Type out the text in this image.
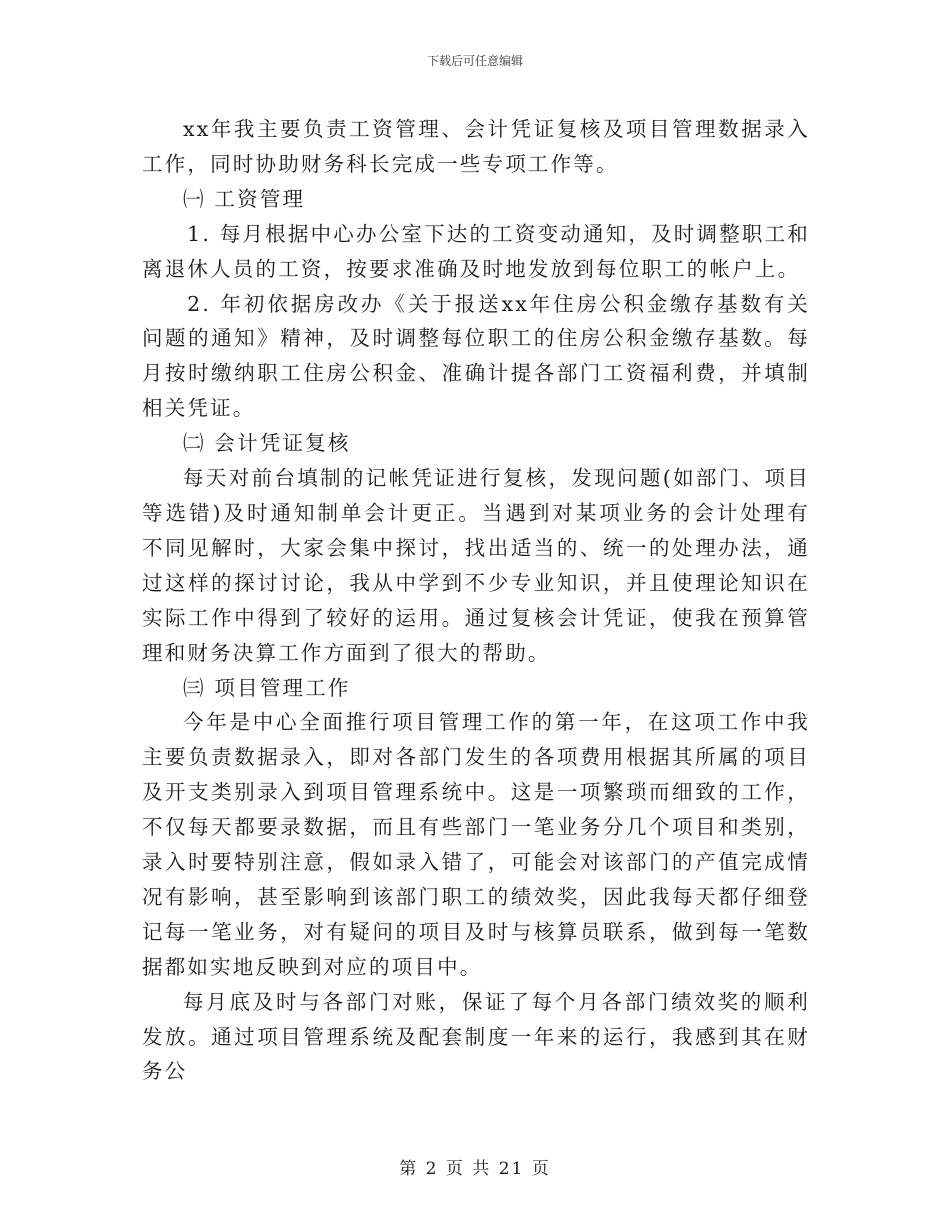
下载后可任意编辑

xx年我主要负责工资管理、会计凭证复核及项目管理数据录入工作，同时协助财务科长完成一些专项工作等。

㈠ 工资管理

1. 每月根据中心办公室下达的工资变动通知，及时调整职工和离退休人员的工资，按要求准确及时地发放到每位职工的帐户上。

2. 年初依据房改办《关于报送xx年住房公积金缴存基数有关问题的通知》精神，及时调整每位职工的住房公积金缴存基数。每月按时缴纳职工住房公积金、准确计提各部门工资福利费，并填制相关凭证。

㈡ 会计凭证复核

每天对前台填制的记帐凭证进行复核，发现问题(如部门、项目等选错)及时通知制单会计更正。当遇到对某项业务的会计处理有不同见解时，大家会集中探讨，找出适当的、统一的处理办法，通过这样的探讨讨论，我从中学到不少专业知识，并且使理论知识在实际工作中得到了较好的运用。通过复核会计凭证，使我在预算管理和财务决算工作方面到了很大的帮助。

㈢ 项目管理工作

今年是中心全面推行项目管理工作的第一年，在这项工作中我主要负责数据录入，即对各部门发生的各项费用根据其所属的项目及开支类别录入到项目管理系统中。这是一项繁琐而细致的工作，不仅每天都要录数据，而且有些部门一笔业务分几个项目和类别，录入时要特别注意，假如录入错了，可能会对该部门的产值完成情况有影响，甚至影响到该部门职工的绩效奖，因此我每天都仔细登记每一笔业务，对有疑问的项目及时与核算员联系，做到每一笔数据都如实地反映到对应的项目中。

每月底及时与各部门对账，保证了每个月各部门绩效奖的顺利发放。通过项目管理系统及配套制度一年来的运行，我感到其在财务公

第 2 页 共 21 页
